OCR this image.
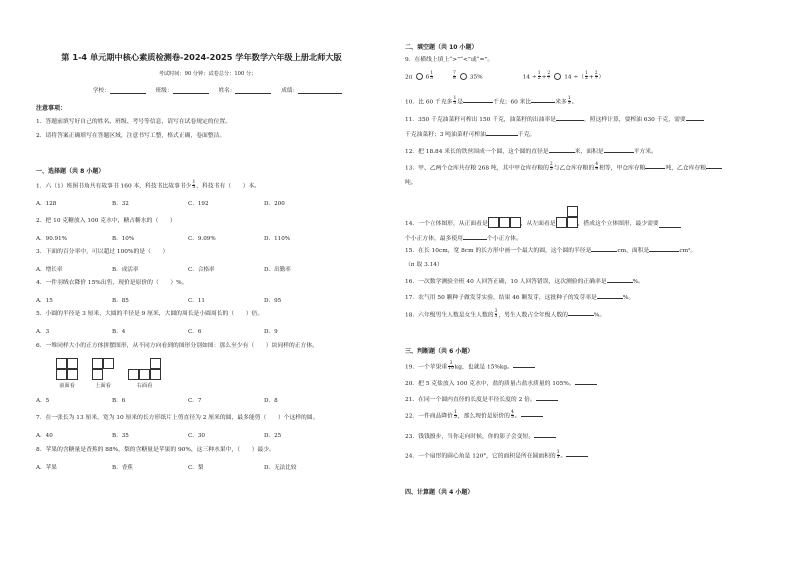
第 1-4 单元期中核心素质检测卷-2024-2025 学年数学六年级上册北师大版
考试时间：90 分钟；试卷总分：100 分；
学校：	班级：	姓名：	成绩：
注意事项：
1．答题前填写好自己的姓名、班级、考号等信息，请写在试卷规定的位置。
2．请将答案正确填写在答题区域，注意书写工整，格式正确，卷面整洁。
一、选择题（共 8 小题）
1．六（1）班图书角共有故事书 160 本，科技书比故事书少 $\frac{1}{5}$ ，科技书有（　　）本。
A．128	B．32	C．192	D．200
2．把 10 克糖放入 100 克水中，糖占糖水的（　　）
A．90.91%	B．10%	C．9.09%	D．110%
3．下面的百分率中，可以超过 100%的是（　　）
A．增长率	B．成活率	C．合格率	D．出勤率
4．一件羽绒衣降价 15%出售，现价是原价的（　　）%。
A．15	B．85	C．11	D．95
5．小圆的半径是 3 厘米，大圆的半径是 9 厘米，大圆的周长是小圆周长的（　　）倍。
A．3	B．4	C．6	D．9
6．一堆同样大小的正方体拼摆图形，从不同方向看到的图形分别如图：那么至少有（　　）块同样的正方体。
前面看	上面看	右面看
A．5	B．6	C．7	D．8
7．在一张长为 13 厘米，宽为 10 厘米的长方形纸片上剪直径为 2 厘米的圆，最多能剪（　　）个这样的圆。
A．40	B．35	C．30	D．25
8．苹果的含糖量是香蕉的 88%，梨的含糖量是苹果的 90%，这三种水果中，（　　）最少。
A．苹果	B．香蕉	C．梨	D．无法比较
二、填空题（共 10 小题）
9．在横线上填上“>”“<”或“=”。
2π $6 \frac{1}{3}$	$\frac{7}{8} 35\%$	$14 \div \frac{1}{2} + \frac{2}{7} 14$ ÷（ $\frac{1}{2} + \frac{2}{7}$ ）
10．比 60 千克多 $\frac{1}{3}$ 是	千克；60 米比	米多 $\frac{1}{3}$ 。
11．350 千克油菜籽可榨出 150 千克，油菜籽的出油率是	，照这样计算，要榨油 630 千克，需要
千克油菜籽；3 吨油菜籽可榨油	千克。
12．把 18.84 米长的铁丝围成一个圆，这个圆的直径是	米，面积是	平方米。
13．甲、乙两个仓库共存粮 268 吨，其中甲仓库存粮的 $\frac{2}{5}$ 与乙仓库存粮的 $\frac{4}{9}$ 相等，甲仓库存粮	吨，乙仓库存粮
吨。
14．一个立体图形，从正面看是	，从左面看是	，搭成这个立体图形，最少需要
个小正方体，最多使用	个小正方体。
15．在长 10cm，宽 8cm 的长方形中画一个最大的圆，这个圆的半径是	cm，面积是	cm²。
（π 取 3.14）
16．一次数学测验全班 40 人回答正确，10 人回答错误，这次测验的正确率是	%。
17．农气用 50 颗种子做发芽实验，结果 46 颗发芽，这批种子的发芽率是	%。
18．六年级男生人数是女生人数的 $\frac{3}{5}$ ，男生人数占全年级人数的	%。
三、判断题（共 6 小题）
19．一个苹果重 $\frac{3}{10}$ kg，也就是 15%kg。
20．把 5 克盐放入 100 克水中，盐的质量占盐水质量的 105%。
21．在同一个圆内直径的长度是半径长度的 2 倍。
22．一件商品降价 $\frac{1}{5}$ ，那么现价是原价的 $\frac{4}{5}$ 。
23．钱钱骰步，当你走向时候，你的影子会变短。
24．一个扇形的圆心角是 120°，它的面积是所在圆面积的 $\frac{1}{3}$ 。
四、计算题（共 4 小题）
